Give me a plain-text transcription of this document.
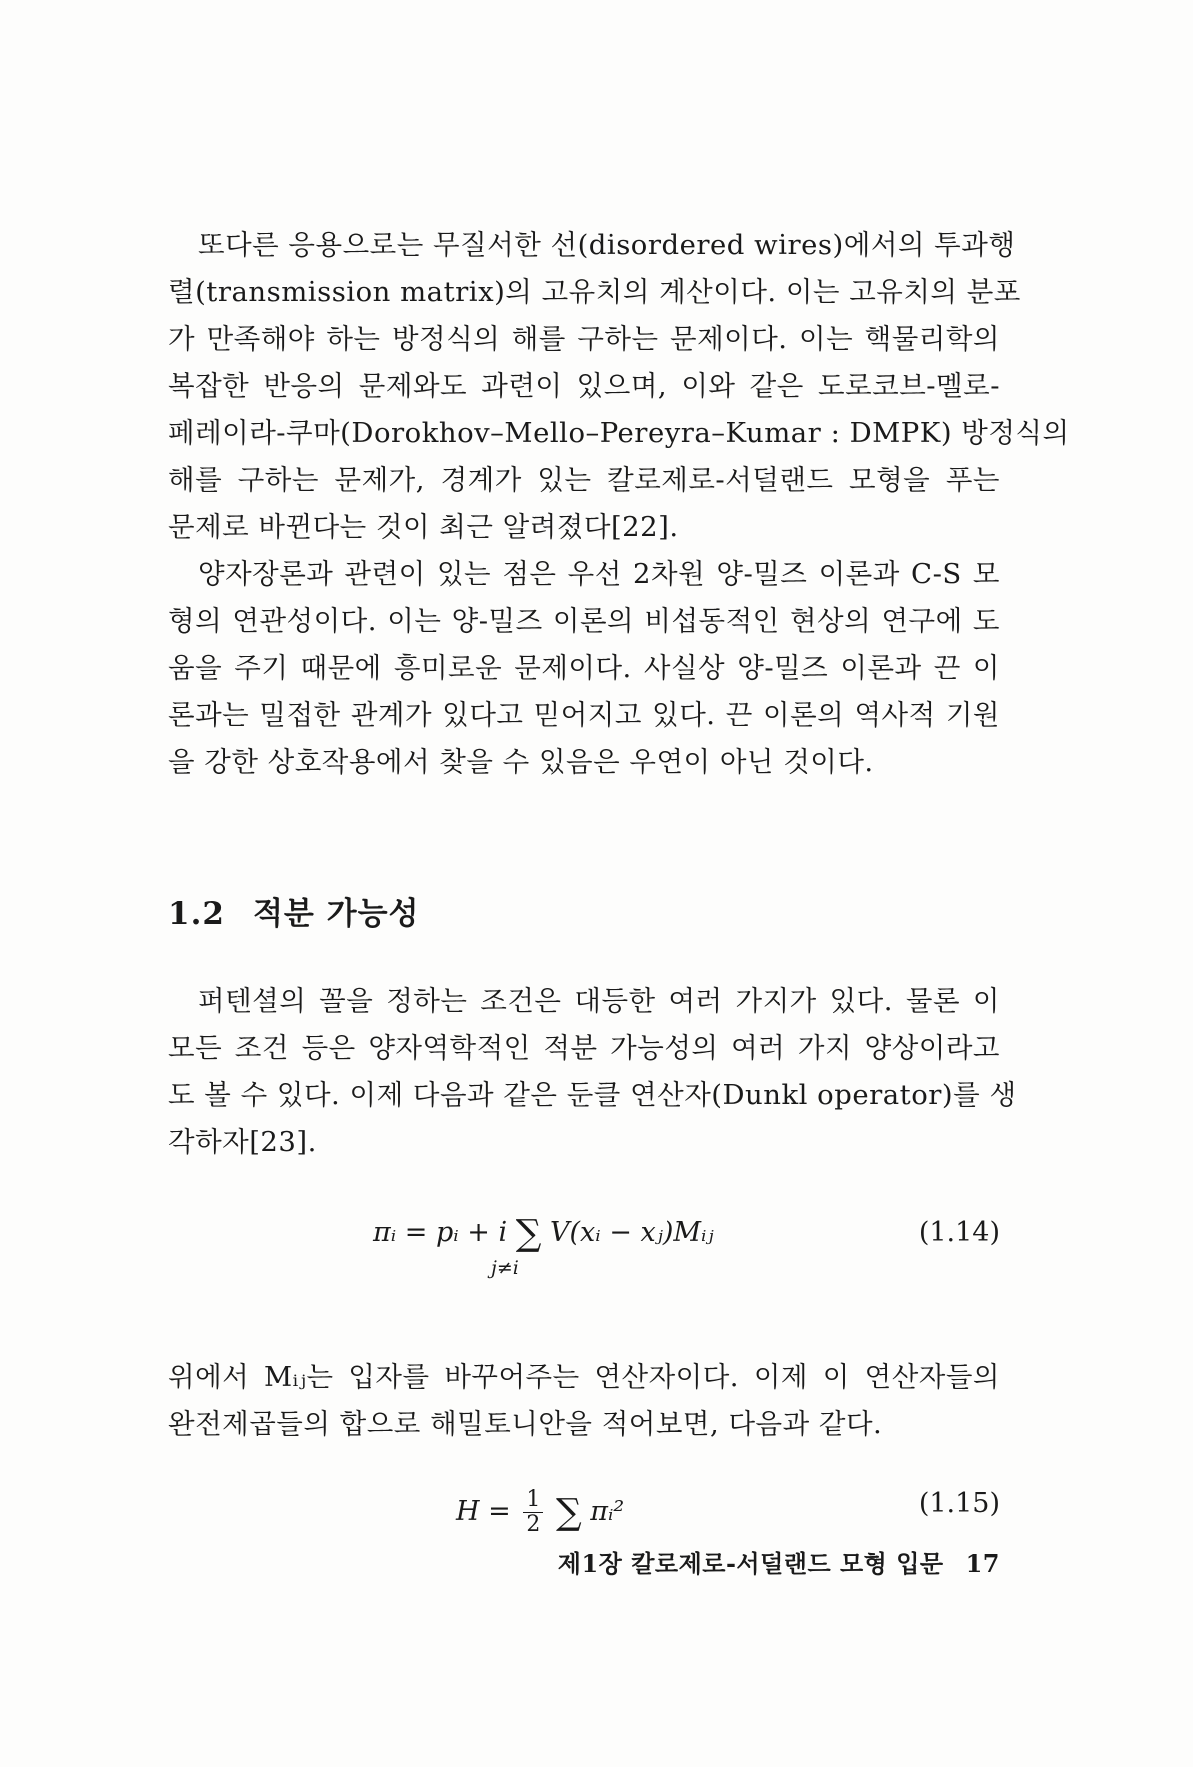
또다른 응용으로는 무질서한 선(disordered wires)에서의 투과행
렬(transmission matrix)의 고유치의 계산이다. 이는 고유치의 분포
가 만족해야 하는 방정식의 해를 구하는 문제이다. 이는 핵물리학의
복잡한 반응의 문제와도 과련이 있으며, 이와 같은 도로코브-멜로-
페레이라-쿠마(Dorokhov–Mello–Pereyra–Kumar : DMPK) 방정식의
해를 구하는 문제가, 경계가 있는 칼로제로-서덜랜드 모형을 푸는
문제로 바뀐다는 것이 최근 알려졌다[22].
양자장론과 관련이 있는 점은 우선 2차원 양-밀즈 이론과 C-S 모
형의 연관성이다. 이는 양-밀즈 이론의 비섭동적인 현상의 연구에 도
움을 주기 때문에 흥미로운 문제이다. 사실상 양-밀즈 이론과 끈 이
론과는 밀접한 관계가 있다고 믿어지고 있다. 끈 이론의 역사적 기원
을 강한 상호작용에서 찾을 수 있음은 우연이 아닌 것이다.
1.2 적분 가능성
퍼텐셜의 꼴을 정하는 조건은 대등한 여러 가지가 있다. 물론 이
모든 조건 등은 양자역학적인 적분 가능성의 여러 가지 양상이라고
도 볼 수 있다. 이제 다음과 같은 둔클 연산자(Dunkl operator)를 생
각하자[23].
πᵢ = pᵢ + i ∑ V(xᵢ − xⱼ)Mᵢⱼ
j≠i
(1.14)
위에서 Mᵢⱼ는 입자를 바꾸어주는 연산자이다. 이제 이 연산자들의
완전제곱들의 합으로 해밀토니안을 적어보면, 다음과 같다.
$H = \frac{1}{2}$ ∑ πᵢ²	(1.15)
제1장 칼로제로-서덜랜드 모형 입문 17
